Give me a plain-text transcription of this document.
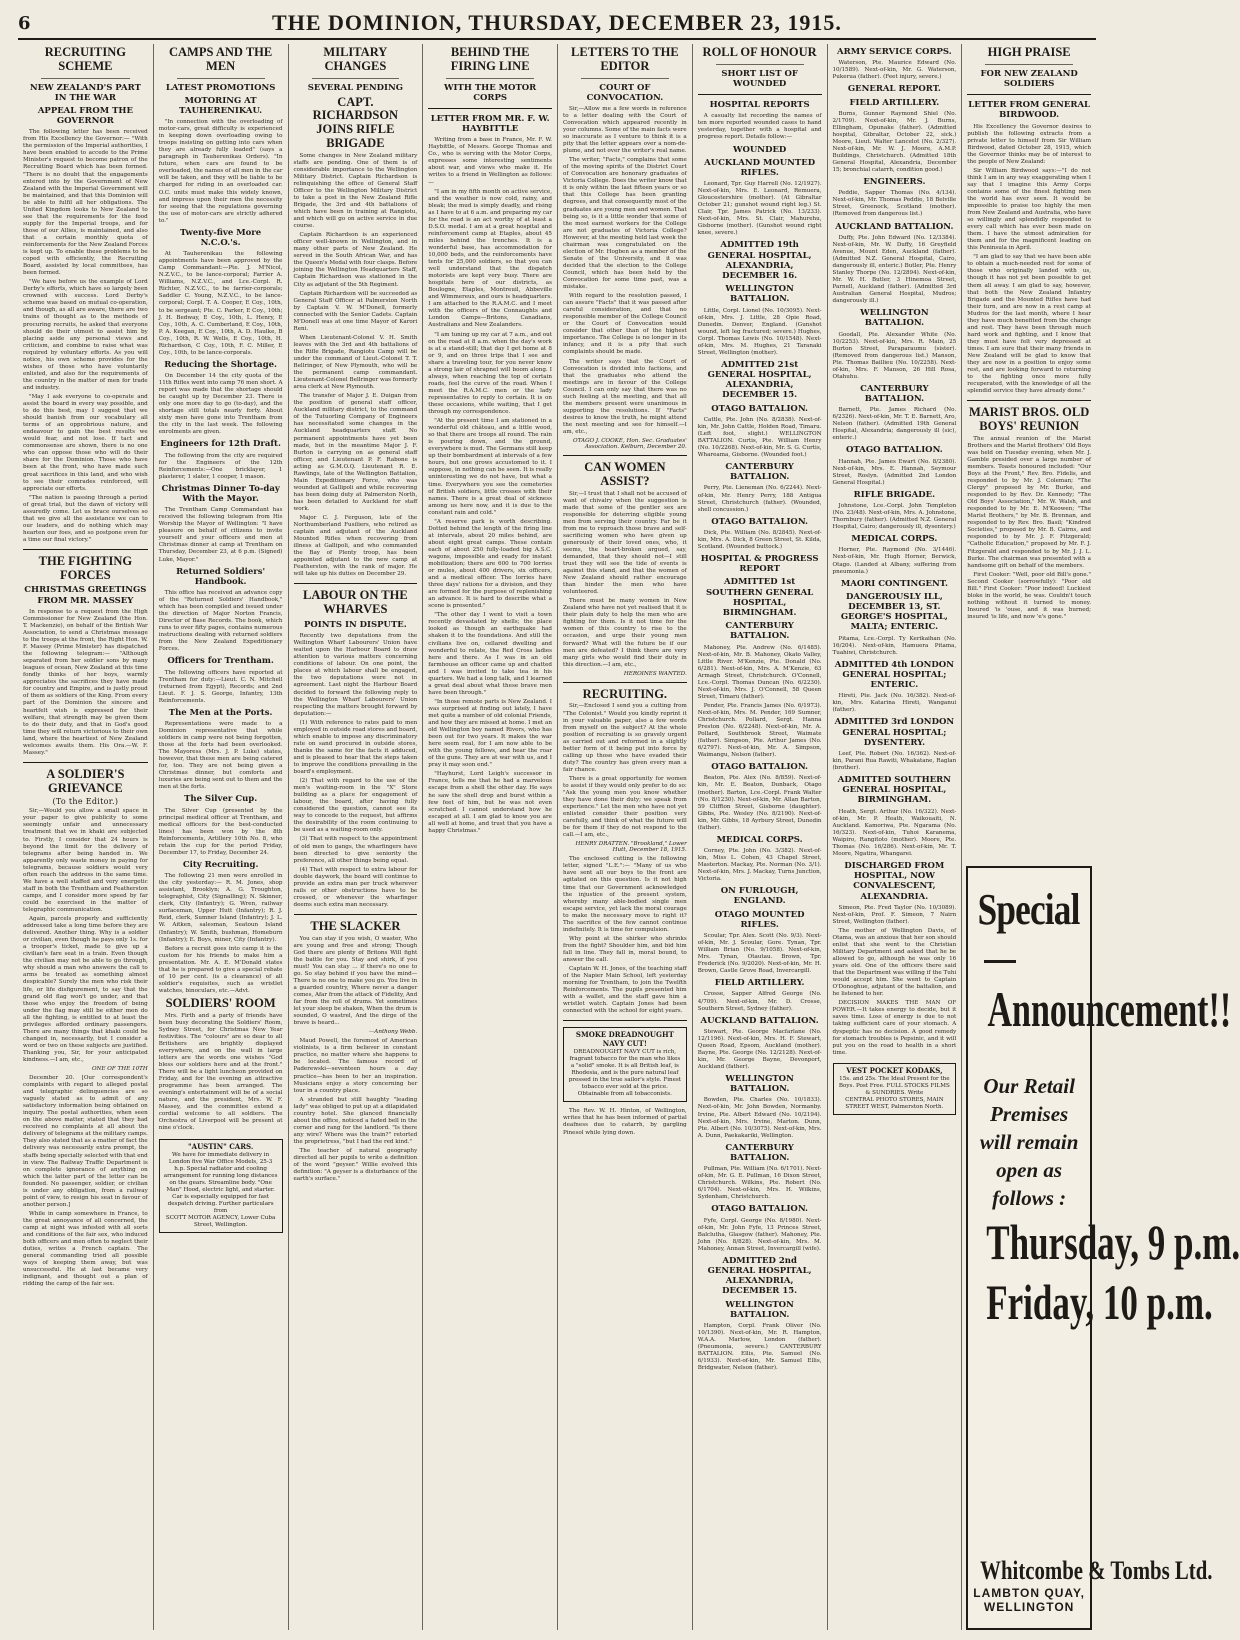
6	THE DOMINION, THURSDAY, DECEMBER 23, 1915.
RECRUITING SCHEME
NEW ZEALAND'S PART IN THE WAR
APPEAL FROM THE GOVERNOR

The following letter has been received from His Excellency the Governor:— "With the permission of the Imperial authorities, I have been enabled to accede to the Prime Minister's request to become patron of the Recruiting Board which has been formed. "There is no doubt that the engagements entered into by the Government of New Zealand with the Imperial Government will be maintained, and that this Dominion will be able to fulfil all her obligations. The United Kingdom looks to New Zealand to see that the requirements for the food supply for the Imperial troops, and for those of our Allies, is maintained, and also that a certain monthly quota of reinforcements for the New Zealand Forces is kept up. To enable these problems to be coped with efficiently, the Recruiting Board, assisted by local committees, has been formed.

"We have before us the example of Lord Derby's efforts, which have so largely been crowned with success. Lord Derby's scheme was based on mutual co-operation, and though, as all are aware, there are two trains of thought as to the methods of procuring recruits, he asked that everyone should do their utmost to assist him by placing aside any personal views and criticism, and combine to raise what was required by voluntary efforts. As you will notice, his own scheme provides for the wishes of those who have voluntarily enlisted, and also for the requirements of the country in the matter of men for trade and industry.

"May I ask everyone to co-operate and assist the board in every way possible, and to do this best, may I suggest that we should banish from our vocabulary all terms of an opprobrious nature, and endeavour to gain the best results we would fear, and not lose. If tact and commonsense are shown, there is no one who can oppose those who will do their share for the Dominion. Those who have been at the front, who have made such great sacrifices in this land, and who wish to see their comrades reinforced, will appreciate our efforts.

"The nation is passing through a period of great trial, but the dawn of victory will assuredly come. Let us brace ourselves so that we give all the assistance we can to our leaders, and do nothing which may hearten our foes, and so postpone even for a time our final victory."

THE FIGHTING FORCES
CHRISTMAS GREETINGS FROM MR. MASSEY

In response to a request from the High Commissioner for New Zealand (the Hon. T. Mackenzie), on behalf of the British War Association, to send a Christmas message to the troops at the front, the Right Hon. W. F. Massey (Prime Minister) has dispatched the following telegram:— "Although separated from her soldier sons by many leagues of ocean, New Zealand at this time fondly thinks of her boys, warmly appreciates the sacrifices they have made for country and Empire, and is justly proud of them as soldiers of the King. From every part of the Dominion the sincere and heartfelt wish is expressed for their welfare, that strength may be given them to do their duty, and that in God's good time they will return victorious to their own land, where the heartiest of New Zealand welcomes awaits them. His Ora.—W. F. Massey."

A SOLDIER'S GRIEVANCE
(To the Editor.)

Sir,—Would you allow a small space in your paper to give publicity to some seemingly unfair and unnecessary treatment that we in khaki are subjected to. Firstly, I consider that 24 hours is beyond the limit for the delivery of telegrams after being handed in. We apparently only waste money in paying for telegrams, because soldiers would very often reach the address in the same time. We have a well staffed and very energetic staff in both the Trentham and Featherston camps, and I consider more speed by far could be exercised in the matter of telegraphic communication.

Again, parcels properly and sufficiently addressed take a long time before they are delivered. Another thing. Why is a soldier or civilian, even though he pays only 1s. for a trooper's ticket, made to give up a civilian's fare seat in a train. Even though the civilian may not be able to go through, why should a man who answers the call to arms be treated as something almost despicable? Surely the men who risk their life, or life disfigurement, to say that the grand old flag won't go under, and that those who enjoy the freedom of being under the flag may still be either men do all the fighting, is entitled to at least the privileges afforded ordinary passengers. There are many things that khaki could be changed in, necessarily, but I consider a word or two on these subjects are justified. Thanking you, Sir, for your anticipated kindness.—I am, etc.,

ONE OF THE 10TH

December 20. [Our correspondent's complaints with regard to alleged postal and telegraphic delinquencies are so vaguely stated as to admit of any satisfactory information being obtained on inquiry. The postal authorities, when seen on the above matter, stated that they had received no complaints at all about the delivery of telegrams at the military camps. They also stated that as a matter of fact the delivery was necessarily extra prompt, the staffs being specially selected with that end in view. The Railway Traffic Department is on complete ignorance of anything on which the latter part of the letter can be founded. No passenger, soldier, or civilian is under any obligation, from a railway point of view, to resign his seat in favour of another person.]

While in camp somewhere in France, to the great annoyance of all concerned, the camp at night was infested with all sorts and conditions of the fair sex, who induced both officers and men often to neglect their duties, writes a French captain. The general commanding tried all possible ways of keeping them away, but was unsuccessful. He at last became very indignant, and thought out a plan of ridding the camp of the fair sex.

CAMPS AND THE MEN
LATEST PROMOTIONS
MOTORING AT TAUHERENIKAU.

"In connection with the overloading of motor-cars, great difficulty is experienced in keeping down overloading owing to troops insisting on getting into cars when they are already fully loaded" (says a paragraph in Tauherenikau Orders). "In future, when cars are found to be overloaded, the names of all men in the car will be taken, and they will be liable to be charged for riding in an overloaded car. O.C. units must make this widely known, and impress upon their men the necessity for seeing that the regulations governing the use of motor-cars are strictly adhered to."

Twenty-five More N.C.O.'s.

At Tauherenikau the following appointments have been approved by the Camp Commandant:—Pte. J. M'Nicol, N.Z.V.C., to be lance-corporal; Farrier A. Williams, N.Z.V.C., and Lce.-Corpl. R. Richter, N.Z.V.C., to be farrier-corporals; Saddler C. Young, N.Z.V.C., to be lance-corporal; Corpl. T. A. Cooper, E Coy., 10th, to be sergeant; Pte. C. Parker, E Coy., 10th; J. H. Bedway, E Coy., 10th, L. Henry, E Coy., 10th, A. C. Cumberland, E Coy., 10th, P. A. Keegan, E Coy., 10th, A. D. Haulke, B Coy., 10th, R. W. Wells, E Coy., 10th, H. Richardson, C Coy., 10th, F. C. Miller, E Coy., 10th, to be lance-corporals.

Reducing the Shortage.

On December 14 the city quota of the 11th Rifles went into camp 76 men short. A report was made that the shortage should be caught up by December 23. There is only one more day to go (to-day), and the shortage still totals nearly forty. About sixty men have gone into Trentham from the city in the last week. The following enrolments are given.

Engineers for 12th Draft.

The following from the city are required for the Engineers of the 12th Reinforcements:—One bricklayer, 1 plasterer, 1 slater, 1 cooper, 1 mason.

Christmas Dinner To-day With the Mayor.

The Trentham Camp Commandant has received the following telegram from His Worship the Mayor of Wellington: "I have pleasure on behalf of citizens to invite yourself and your officers and men at Christmas dinner at camp at Trentham on Thursday, December 23, at 6 p.m. (Signed) Luke, Mayor."

Returned Soldiers' Handbook.

This office has received an advance copy of the "Returned Soldiers' Handbook," which has been compiled and issued under the direction of Major Norton Francis, Director of Base Records. The book, which runs to over fifty pages, contains numerous instructions dealing with returned soldiers from the New Zealand Expeditionary Forces.

Officers for Trentham.

The following officers have reported at Trentham for duty:—Lieut. C. N. Mitchell (returned from Egypt), Records; and 2nd Lieut. F. J. S. George, Infantry, 13th Reinforcements.

The Men at the Ports.

Representations were made to a Dominion representative that while soldiers in camp were not being forgotten, those at the forts had been overlooked. The Mayoress (Mrs. J. P. Luke) states, however, that these men are being catered for, too. They are not being given a Christmas dinner, but comforts and luxuries are being sent out to them and the men at the forts.

The Silver Cup.

The Silver Cup (presented by the principal medical officer at Trentham, and medical officers for the best-conducted lines) has been won by the 8th Reinforcements, Artillery 10th No. 8, who retain the cup for the period Friday, December 17, to Friday, December 24.

City Recruiting.

The following 21 men were enrolled in the city yesterday:— R. M. Jones, shop assistant, Brooklyn; A. G. Troughton, telegraphist, City (Signalling); N. Skinner, clerk, City (Infantry); G. Wren, railway surfaceman, Upper Hutt (Infantry); R. J. Reid, clerk, Sumner Island (Infantry); J. L. W. Aitken, salesman, Seatoun Island (Infantry); W. Smith, bushman, Homeburn (Infantry); E. Boys, miner, City (Infantry).

Before a recruit goes into camp it is the custom for his friends to make him a presentation. Mr. A. E. M'Donald states that he is prepared to give a special rebate of 10 per cent. (is a clearance) of all soldier's requisites, such as wristlet watches, binoculars, etc.—Advt.

SOLDIERS' ROOM

Mrs. Firth and a party of friends have been busy decorating the Soldiers' Room, Sydney Street, for Christmas New Year festivities. The "colours" are so dear to all Britishers are brightly displayed everywhere, and on the wall in large letters are the words one wishes "God bless our soldiers here and at the front." There will be a light luncheon provided on Friday, and for the evening an attractive programme has been arranged. The evening's entertainment will be of a social nature, and the president, Mrs. W. F. Massey, and the committee extend a cordial welcome to all soldiers. The Orchestra of Liverpool will be present at nine o'clock.

"AUSTIN" CARS.
We have for immediate delivery in London five War Office Models, 25-3 h.p. Special radiator and cooling arrangement for running long distances on the gears. Streamline body. "One Man" Hood, electric light, and starter. Car is especially equipped for fast despatch driving. Further particulars from
SCOTT MOTOR AGENCY, Lower Cuba Street, Wellington.
MILITARY CHANGES
SEVERAL PENDING
CAPT. RICHARDSON JOINS RIFLE BRIGADE

Some changes in New Zealand military staffs are pending. One of them is of considerable importance to the Wellington Military District. Captain Richardson is relinquishing the office of General Staff Officer to the Wellington Military District to take a post in the New Zealand Rifle Brigade, the 3rd and 4th battalions of which have been in training at Rangiotu, and which will go on active service in due course.

Captain Richardson is an experienced officer well-known in Wellington, and in many other parts of New Zealand. He served in the South African War, and has the Queen's Medal with four clasps. Before joining the Wellington Headquarters Staff, Captain Richardson was stationed in the City as adjutant of the 5th Regiment.

Captain Richardson will be succeeded as General Staff Officer at Palmerston North by Captain V. W. M'Donell, formerly connected with the Senior Cadets. Captain M'Donell was at one time Mayor of Karori Reni.

When Lieutenant-Colonel V. H. Smith leaves with the 3rd and 4th battalions of the Rifle Brigade, Rangiotu Camp will be under the command of Lieut.-Colonel T. T. Bellringer, of New Plymouth, who will be the permanent camp commandant. Lieutenant-Colonel Bellringer was formerly area clerk at New Plymouth.

The transfer of Major J. E. Duigan from the position of general staff officer, Auckland military district, to the command of the Tutuorling Company of Engineers has necessitated some changes in the Auckland headquarters staff. No permanent appointments have yet been made, but in the meantime Major J. F. Burton is carrying on as general staff officer, and Lieutenant P. F. Rabone is acting as G.M.O.Q. Lieutenant R. E. Rawlings, late of the Wellington Battalion, Main Expeditionary Force, who was wounded at Gallipoli and while recovering has been doing duty at Palmerston North, has been detailed to Auckland for staff work.

Major C. J. Ferguson, late of the Northumberland Fusiliers, who retired as captain and adjutant of the Auckland Mounted Rifles when recovering from illness at Gallipoli, and who commanded the Bay of Plenty troop, has been appointed adjutant to the new camp at Featherston, with the rank of major. He will take up his duties on December 29.

LABOUR ON THE WHARVES
POINTS IN DISPUTE.

Recently two deputations from the Wellington Wharf Labourers' Union have waited upon the Harbour Board to draw attention to various matters concerning conditions of labour. On one point, the places at which labour shall be engaged, the two deputations were not in agreement. Last night the Harbour Board decided to forward the following reply to the Wellington Wharf Labourers' Union respecting the matters brought forward by deputation:—

(1) With reference to rates paid to men employed in outside road stores and board, which enable to impose any discriminatory rate on sand procured in outside stores, thanks the same for the facts it adduced, and is pleased to hear that the steps taken to improve the conditions prevailing in the board's employment.

(2) That with regard to the use of the men's waiting-room in the "X" Store building as a place for engagement of labour, the board, after having fully considered the question, cannot see its way to concede to the request, but affirms the desirability of the room continuing to be used as a waiting-room only.

(3) That with respect to the appointment of old men to gangs, the wharfingers have been directed to give seniority the preference, all other things being equal.

(4) That with respect to extra labour for double daywork, the board will continue to provide an extra man per truck wherever rails or other obstructions have to be crossed, or whenever the wharfinger deems such extra man necessary.

THE SLACKER

You can stay if you wish, O waster, Who are young and free and strong; Though God there are plenty of Britons Will fight the battle for you. Stay and shirk, if you must! You can stay ... if there's no one to go. So stay behind if you have the mind— There is no one to make you go. You live in a guarded country, Where never a danger comes, Afar from the attack of Fidelity, And far from the roll of drums. Yet sometimes let your sleep be shaken, When the drum is sounded, O wastrel, And the dirge of the brave is heard...

—Anthony Webb.

Maud Powell, the foremost of American violinists, is a firm believer in constant practice, no matter where she happens to be located. The famous record of Paderewski—seventeen hours a day practice—has been to her an inspiration. Musicians enjoy a story concerning her tour in a country place.

A stranded but still haughty "leading lady" was obliged to put up at a dilapidated country hotel. She glanced financially about the office, noticed a faded bell in the corner and rang for the landlord. "Is there any wire? Where was the train?" retorted the proprietress, "but I had the red kind."

The teacher of natural geography directed all her pupils to write a definition of the word "geyser." Willie evolved this definition: "A geyser is a disturbance of the earth's surface."

BEHIND THE FIRING LINE
WITH THE MOTOR CORPS
LETTER FROM MR. F. W. HAYBITTLE

Writing from a base in France, Mr. F. W. Haybittle, of Messrs. George Thomas and Co., who is serving with the Motor Corps, expresses some interesting sentiments about war, and views who make it. He writes to a friend in Wellington as follows:—

"I am in my fifth month on active service, and the weather is now cold, rainy, and bleak; the mud is simply deadly, and rising as I have to at 6 a.m. and preparing my car for the road is an act worthy of at least a D.S.O. medal. I am at a great hospital and reinforcement camp at Etaples, about 45 miles behind the trenches. It is a wonderful base, has accommodation for 10,000 beds, and the reinforcements have tents for 25,000 soldiers, so that you can well understand that the dispatch motorists are kept very busy. There are hospitals here of our districts, as Boulogne, Etaples, Montreuil, Abbeville and Wimmereux, and ours is headquarters. I am attached to the R.A.M.C. and I meet with the officers of the Connaughts and London Camps—Britons, Canadians, Australians and New Zealanders.

"I am tuning up my car at 7 a.m., and out on the road at 8 a.m. when the day's work is at a stand-still; that day I get home at 8 or 9, and on three trips that I see and share a traveling tour, for you never know a strong lair of shrapnel will boom along. I always, when reaching the top of certain roads, feel the curve of the road. When I meet the R.A.M.C. men or the lady representative to reply to certain. It is on these occasions, while waiting, that I get through my correspondence.

"At the present time I am stationed in a wonderful old château, and a little wood, so that there are troops all round. The rain is pouring down, and the ground, everywhere is mud. The Germans still keep up their bombardment at intervals of a few hours, but one grows accustomed to it. I suppose, in nothing can be seen. It is really uninteresting we do not have, but what a time. Everywhere you see the cemeteries of British soldiers, little crosses with their names. There is a great deal of sickness among us here now, and it is due to the constant rain and cold."

"A reserve park is worth describing. Dotted behind the length of the firing line at intervals, about 20 miles behind, are about eight great camps. These contain each of about 250 fully-loaded big A.S.C. wagons, impossible and ready for instant mobilization; there are 600 to 700 lorries or mules, about 400 drivers, six officers, and a medical officer. The lorries have three days' rations for a division, and they are formed for the purpose of replenishing an advance. It is hard to describe what a scene is presented."

"The other day I went to visit a town recently devastated by shells; the place looked as though an earthquake had shaken it to the foundations. And still the civilians live on, cellared dwelling and wonderful to relate, the Red Cross ladies here and there. As I was in an old farmhouse an officer came up and chatted and I was invited to take tea in his quarters. We had a long talk, and I learned a great deal about what these brave men have been through."

"In those remote parts is New Zealand. I was surprised at finding out lately, I have met quite a number of old colonial Friends, and how they are missed at home. I met an old Wellington boy named Rivers, who has been out for two years. It makes the war here seem real, for I am now able to be with the young fellows, and hear the roar of the guns. They are at war with us, and I pray it may soon end."

"Hayhurst, Lord Leigh's successor in France, tells me that he had a marvelous escape from a shell the other day. He says he saw the shell drop and burst within a few feet of him, but he was not even scratched. I cannot understand how he escaped at all. I am glad to know you are all well at home, and trust that you have a happy Christmas."

LETTERS TO THE EDITOR
COURT OF CONVOCATION.

Sir,—Allow me a few words in reference to a letter dealing with the Court of Convocation which appeared recently in your columns. Some of the main facts were so inaccurate as I venture to think it is a pity that the letter appears over a nom-de-plume, and not over the writer's real name.

The writer, "Facts," complains that some of the moving spirits of the District Court of Convocation are honorary graduates of Victoria College. Does the writer know that it is only within the last fifteen years or so that this College has been granting degrees, and that consequently most of the graduates are young men and women. That being so, is it a little wonder that some of the most earnest workers for the College are not graduates of Victoria College? However, at the meeting held last week the chairman was congratulated on the election of Mr. Hogben as a member of the Senate of the University, and it was decided that the election to the College Council, which has been held by the Convocation for some time past, was a mistake.

With regard to the resolution passed, I can assure "Facts" that it was passed after careful consideration, and that no responsible member of the College Council or the Court of Convocation would consider that other than of the highest importance. The College is no longer in its infancy, and it is a pity that such complaints should be made.

The writer says that the Court of Convocation is divided into factions, and that the graduates who attend the meetings are in favour of the College Council. I can only say that there was no such feeling at the meeting, and that all the members present were unanimous in supporting the resolutions. If "Facts" desires to know the truth, he might attend the next meeting and see for himself.—I am, etc.,

OTAGO J. COOKE, Hon. Sec. Graduates' Association. Kelburn, December 20.

CAN WOMEN ASSIST?

Sir,—I trust that I shall not be accused of want of chivalry when the suggestion is made that some of the gentler sex are responsible for deterring eligible young men from serving their country. Far be it from me to reproach those brave and self-sacrificing women who have given up generously of their loved ones, who, it seems, the heart-broken argued, say, demanded, that they should not—I still trust they will see the tide of events is against this stand, and that the women of New Zealand should rather encourage than hinder the men who have volunteered.

There must be many women in New Zealand who have not yet realised that it is their plain duty to help the men who are fighting for them. Is it not time for the women of this country to rise to the occasion, and urge their young men forward? What will the future be if our men are defeated? I think there are very many girls who would find their duty in this direction.—I am, etc.,

HEROINES WANTED.

RECRUITING.

Sir,—Enclosed I send you a cutting from "The Colonist." Would you kindly reprint it in your valuable paper, also a few words from myself on the subject? At the whole position of recruiting is so gravely urgent as carried out and reformed in a slightly better form of it being put into force by calling up those who have evaded their duty? The country has given every man a fair chance.

There is a great opportunity for women to assist if they would only prefer to do so: "Ask the young men you know whether they have done their duty; we speak from experience." Let the men who have not yet enlisted consider their position very carefully, and think of what the future will be for them if they do not respond to the call.—I am, etc.,

HENRY DRATTEN. "Brookland," Lower Hutt, December 18, 1915.

The enclosed cutting is the following letter, signed "L.E.":— "Many of us who have sent all our boys to the front are agitated on this question. Is it not high time that our Government acknowledged the injustice of the present system, whereby many able-bodied single men escape service, yet lack the moral courage to make the necessary move to right it? The sacrifice of the few cannot continue indefinitely. It is time for compulsion.

Why point at the shirker who shrinks from the fight? Shoulder him, and bid him fall in line. They fall in, moral bound, to answer the call.

Captain W. H. Jones, of the teaching staff of the Napier Main School, left yesterday morning for Trentham, to join the Twelfth Reinforcements. The pupils presented him with a wallet, and the staff gave him a wristlet watch. Captain Jones had been connected with the school for eight years.

SMOKE DREADNOUGHT NAVY CUT!
DREADNOUGHT NAVY CUT is rich, fragrant tobacco for the man who likes a "solid" smoke. It is all British leaf, is Rhodesia, and is the pure natural leaf pressed in the true sailor's style. Finest tobacco ever sold at the price. Obtainable from all tobacconists.

The Rev. W. H. Hinton, of Wellington, writes that he has been informed of partial deafness due to catarrh, by gargling Pinesol while lying down.

ROLL OF HONOUR
SHORT LIST OF WOUNDED
HOSPITAL REPORTS

A casualty list recording the names of ten more reported wounded cases to hand yesterday, together with a hospital and progress report. Details follow:—

WOUNDED
AUCKLAND MOUNTED RIFLES.

Leonard, Tpr. Guy Harrell (No. 12/1927). Next-of-kin, Mrs. E. Leonard, Remuera, Gloucestershire (mother). (At Gibraltar October 21; gunshot wound right leg.) St. Clair, Tpr. James Patrick (No. 13/233). Next-of-kin, Mrs. St. Clair, Mahurehu, Gisborne (mother). (Gunshot wound right knee, severe.)

ADMITTED 19th GENERAL HOSPITAL, ALEXANDRIA, DECEMBER 16.
WELLINGTON BATTALION.

Little, Corpl. Lionel (No. 10/3095). Next-of-kin, Mrs. J. Little, 28 Opie Road, Dunedin. Denver, England. (Gunshot wound, left leg fractured; severe.) Hughes, Corpl. Thomas Lewis (No. 10/1548). Next-of-kin, Mrs. M. Hughes, 21 Taranaki Street, Wellington (mother).

ADMITTED 21st GENERAL HOSPITAL, ALEXANDRIA, DECEMBER 15.
OTAGO BATTALION.

Cattle, Pte. John (No. 8/2838). Next-of-kin, Mr. John Cattle, Holden Road, Timaru. (Left foot, slight.) WELLINGTON BATTALION. Curtis, Pte. William Henry (No. 10/2268). Next-of-kin, Mr. S. G. Curtis, Whareama, Gisborne. (Wounded foot.)

CANTERBURY BATTALION.

Perry, Pte. Lieneman (No. 6/2244). Next-of-kin, Mr. Henry Perry, 188 Antigua Street, Christchurch (father). (Wounded, shell concussion.)

OTAGO BATTALION.

Dick, Pte. William (No. 8/2845). Next-of-kin, Mrs. A. Dick, 8 Green Street, St. Kilda, Scotland. (Wounded buttock.)

HOSPITAL & PROGRESS REPORT
ADMITTED 1st SOUTHERN GENERAL HOSPITAL, BIRMINGHAM.
CANTERBURY BATTALION.

Mahoney, Pte. Andrew (No. 6/1485). Next-of-kin, Mr. B. Mahoney, Okato Valley, Little River. M'Kenzie, Pte. Donald (No. 6/281). Next-of-kin, Mrs. A. M'Kenzie, 63 Armagh Street, Christchurch. O'Connell, Lce.-Corpl. Thomas Duncan (No. 6/2230). Next-of-kin, Mrs. J. O'Connell, 58 Queen Street, Timaru (father).

Pender, Pte. Francis James (No. 6/1973). Next-of-kin, Mrs. M. Pender, 169 Sumner, Christchurch. Pollard, Sergt. Hanna Preston (No. 6/2248). Next-of-kin, Mr. A. Pollard, Southbrook Street, Waimate (father). Simpson, Pte. Arthur James (No. 6/2797). Next-of-kin, Mr. A. Simpson, Waimangu, Nelson (father).

OTAGO BATTALION.

Beaton, Pte. Alex (No. 8/859). Next-of-kin, Mr. E. Beaton, Dunback, Otago (mother). Barton, Lce.-Corpl. Frank Walter (No. 8/1230). Next-of-kin, Mr. Allan Barton, 59 Cliffton Street, Gisborne (daughter). Gibbs, Pte. Wesley (No. 8/2190). Next-of-kin, Mr. Gibbs, 18 Ayrbury Street, Dunedin (father).

MEDICAL CORPS.

Corney, Pte. John (No. 3/382). Next-of-kin, Miss L. Cohen, 43 Chapel Street, Masterton. Mackay, Pte. Norman (No. 3/1). Next-of-kin, Mrs. J. Mackay, Turns Junction, Victoria.

ON FURLOUGH, ENGLAND.
OTAGO MOUNTED RIFLES.

Scoular, Tpr. Alex. Scott (No. 9/3). Next-of-kin, Mr. J. Scoular, Gore. Tynan, Tpr. William Brian (No. 9/1058). Next-of-kin, Mrs. Tynan, Otautau. Brown, Tpr. Frederick (No. 9/2020). Next-of-kin, Mr. H. Brown, Castle Grove Road, Invercargill.

FIELD ARTILLERY.

Crosse, Sapper Alfred George (No. 4/709). Next-of-kin, Mr. D. Crosse, Southern Street, Sydney (father).

AUCKLAND BATTALION.

Stewart, Pte. George Macfarlane (No. 12/1196). Next-of-kin, Mrs. H. F. Stewart, Queen Road, Epsom, Auckland (mother). Bayne, Pte. George (No. 12/2128). Next-of-kin, Mr. George Bayne, Devonport, Auckland (father).

WELLINGTON BATTALION.

Bowden, Pte. Charles (No. 10/1833). Next-of-kin, Mr. John Bowden, Normanby. Irvine, Pte. Albert Edward (No. 10/2194). Next-of-kin, Mrs. Irvine, Marton. Dunn, Pte. Albert (No. 10/3075). Next-of-kin, Mrs. A. Dunn, Paekakariki, Wellington.

CANTERBURY BATTALION.

Pullman, Pte. William (No. 6/1701). Next-of-kin, Mr. G. E. Pullman, 16 Dixon Street, Christchurch. Wilkins, Pte. Robert (No. 6/1704). Next-of-kin, Mrs. H. Wilkins, Sydenham, Christchurch.

OTAGO BATTALION.

Fyfe, Corpl. George (No. 8/1980). Next-of-kin, Mr. John Fyfe, 13 Princes Street, Balclutha, Glasgow (father). Mahoney, Pte. John (No. 8/828). Next-of-kin, Mrs. M. Mahoney, Annan Street, Invercargill (wife).

ADMITTED 2nd GENERAL HOSPITAL, ALEXANDRIA, DECEMBER 15.
WELLINGTON BATTALION.

Hampton, Corpl. Frank Oliver (No. 10/1390). Next-of-kin, Mr. R. Hampton, W.A.A. Marlow, London (father). (Pneumonia, severe.) CANTERBURY BATTALION. Ellis, Pte. Samuel (No. 6/1933). Next-of-kin, Mr. Samuel Ellis, Bridgwater, Nelson (father).

ARMY SERVICE CORPS.

Waterson, Pte. Maurice Edward (No. 10/1589). Next-of-kin, Mr. G. Waterson, Pukerua (father). (Feet injury, severe.)

GENERAL REPORT.
FIELD ARTILLERY.

Burns, Gunner Raymond Shiel (No. 2/1709). Next-of-kin, Mr. J. Burns, Ellingham, Opunake (father). (Admitted hospital, Gibraltar, October 22, sick.) Moore, Lieut. Walter Lancelot (No. 2/327). Next-of-kin, Mr. W. J. Moore, A.M.P. Buildings, Christchurch. (Admitted 18th General Hospital, Alexandria, December 15; bronchial catarrh, condition good.)

ENGINEERS.

Peddie, Sapper Thomas (No. 4/134). Next-of-kin, Mr. Thomas Peddie, 18 Belville Street, Greenock, Scotland (mother). (Removed from dangerous list.)

AUCKLAND BATTALION.

Duffy, Pte. John Edward (No. 12/3384). Next-of-kin, Mr. W. Duffy, 16 Greyfield Avenue, Mount Eden, Auckland (father). (Admitted N.Z. General Hospital, Cairo, dangerously ill, enteric.) Butler, Pte. Henry Stanley Thorpe (No. 12/2894). Next-of-kin, Mr. W. H. Butler, 3 Hinemoa Street, Parnell, Auckland (father). (Admitted 3rd Australian General Hospital, Mudros; dangerously ill.)

WELLINGTON BATTALION.

Goodall, Pte. Alexander White (No. 10/2253). Next-of-kin, Mrs. R. Main, 25 Burton Street, Paraparaumu (sister). (Removed from dangerous list.) Manson, Pte. Thomas Baillieu (No. 10/2258). Next-of-kin, Mrs. F. Manson, 26 Hill Rosa, Otahuhu.

CANTERBURY BATTALION.

Barnett, Pte. James Richard (No. 6/2326). Next-of-kin, Mr. T. E. Barnett, Aro, Nelson (father). (Admitted 19th General Hospital, Alexandria; dangerously ill (sic), enteric.)

OTAGO BATTALION.

Hannah, Pte. James Ewart (No. 8/2380). Next-of-kin, Mrs. E. Hannah, Seymour Street, Roslyn. (Admitted 2nd London General Hospital.)

RIFLE BRIGADE.

Johnstone, Lce.-Corpl. John Templeton (No. 23/48). Next-of-kin, Mrs. A. Johnstone, Thornbury (father). (Admitted N.Z. General Hospital, Cairo; dangerously ill, dysentery.)

MEDICAL CORPS.

Horner, Pte. Raymond (No. 3/1446). Next-of-kin, Mr. Hugh Horner, Berwick, Otago. (Landed at Albany, suffering from pneumonia.)

MAORI CONTINGENT.
DANGEROUSLY ILL, DECEMBER 13, ST. GEORGE'S HOSPITAL, MALTA; ENTERIC.

Pitama, Lce.-Corpl. Ty Kerikaihan (No. 16/204). Next-of-kin, Hamuera Pitama, Tuahiwi, Christchurch.

ADMITTED 4th LONDON GENERAL HOSPITAL; ENTERIC.

Hireti, Pte. Jack (No. 16/382). Next-of-kin, Mrs. Katarina Hireti, Wanganui (father).

ADMITTED 3rd LONDON GENERAL HOSPITAL; DYSENTERY.

Leef, Pte. Robert (No. 16/362). Next-of-kin, Parani Rua Rawiti, Whakatane, Raglan (brother).

ADMITTED SOUTHERN GENERAL HOSPITAL, BIRMINGHAM.

Heath, Sergt. Arthur (No. 16/322). Next-of-kin, Mr. P. Heath, Waikouaiti, N. Auckland. Kamoriwa, Pte. Ngarama (No. 16/323). Next-of-kin, Tuhoi Karanema, Waipiro, Rangitoto (mother). Moore, Pte. Thomas (No. 16/286). Next-of-kin, Mr. T. Moore, Ngatira, Whangarei.

DISCHARGED FROM HOSPITAL, NOW CONVALESCENT, ALEXANDRIA.

Simeon, Pte. Fred Taylor (No. 10/3089). Next-of-kin, Prof. F. Simeon, 7 Nairn Street, Wellington (father).

The mother of Wellington Davis, of Otama, was an anxious that her son should enlist that she went to the Christian Military Department and asked that he be allowed to go, although he was only 16 years old. One of the officers there said that the Department was willing if the Tuhi would accept him. She went to Captain O'Donoghue, adjutant of the battalion, and he listened to her.

DECISION MAKES THE MAN OF POWER.—It takes energy to decide, but it saves time. Loss of energy is due to not taking sufficient care of your stomach. A dyspeptic has no decision. A good remedy for stomach troubles is Pepsinic, and it will put you on the road to health in a short time.

VEST POCKET KODAKS,
15s. and 25s. The Ideal Present for the Boys. Post Free. FULL STOCKS FILMS & SUNDRIES. Write
CENTRAL PHOTO STORES, MAIN STREET WEST, Palmerston North.
HIGH PRAISE
FOR NEW ZEALAND SOLDIERS
LETTER FROM GENERAL BIRDWOOD.

His Excellency the Governor desires to publish the following extracts from a private letter to himself from Sir William Birdwood, dated October 28, 1915, which the Governor thinks may be of interest to the people of New Zealand:

Sir William Birdwood says:—"I do not think I am in any way exaggerating when I say that I imagine this Army Corps contains some of the finest fighting men the world has ever seen. It would be impossible to praise too highly the men from New Zealand and Australia, who have so willingly and splendidly responded to every call which has ever been made on them. I have the utmost admiration for them and for the magnificent leading on this Peninsula in April.

"I am glad to say that we have been able to obtain a much-needed rest for some of those who originally landed with us, though it has not yet been possible to get them all away. I am glad to say, however, that both the New Zealand Infantry Brigade and the Mounted Rifles have had their turn, and are now in a rest camp at Mudros for the last month, where I hear they have much benefited from the change and rest. They have been through much hard work and fighting, and I know that they must have felt very depressed at times. I am sure that their many friends in New Zealand will be glad to know that they are now in a position to enjoy some rest, and are looking forward to returning to the fighting once more fully recuperated, with the knowledge of all the splendid service they have already done."

MARIST BROS. OLD BOYS' REUNION

The annual reunion of the Marist Brothers and the Marist Brothers' Old Boys was held on Tuesday evening, when Mr. J. Gamble presided over a large number of members. Toasts honoured included: "Our Boys at the Front," Rev. Bro. Fidelis, and responded to by Mr. J. Coleman; "The Clergy" proposed by Mr. Burke, and responded to by Rev. Dr. Kennedy; "The Old Boys' Association," Mr. W. Walsh, and responded to by Mr. E. M'Keowen; "The Marist Brothers," by Mr. B. Brennan, and responded to by Rev. Bro. Basil; "Kindred Societies," proposed by Mr. B. Cairns, and responded to by Mr. J. F. Fitzgerald; "Catholic Education," proposed by Mr. F. J. Fitzgerald and responded to by Mr. J. J. L. Burke. The chairman was presented with a handsome gift on behalf of the members.

First Cooker: "Well, poor old Bill's gone." Second Cooker (sorrowfully): "Poor old Bill." First Cooker: "Poor indeed! Luckiest bloke in the world, he was. Couldn't touch nothing without it turned to money. Insured 'is 'ouse, and it was burned; insured 'is life, and now 'e's gone."

Special
Announcement!!
Our Retail Premises will remain open as follows :
Thursday, 9 p.m.
Friday, 10 p.m.
Whitcombe & Tombs Ltd.
LAMBTON QUAY, WELLINGTON
